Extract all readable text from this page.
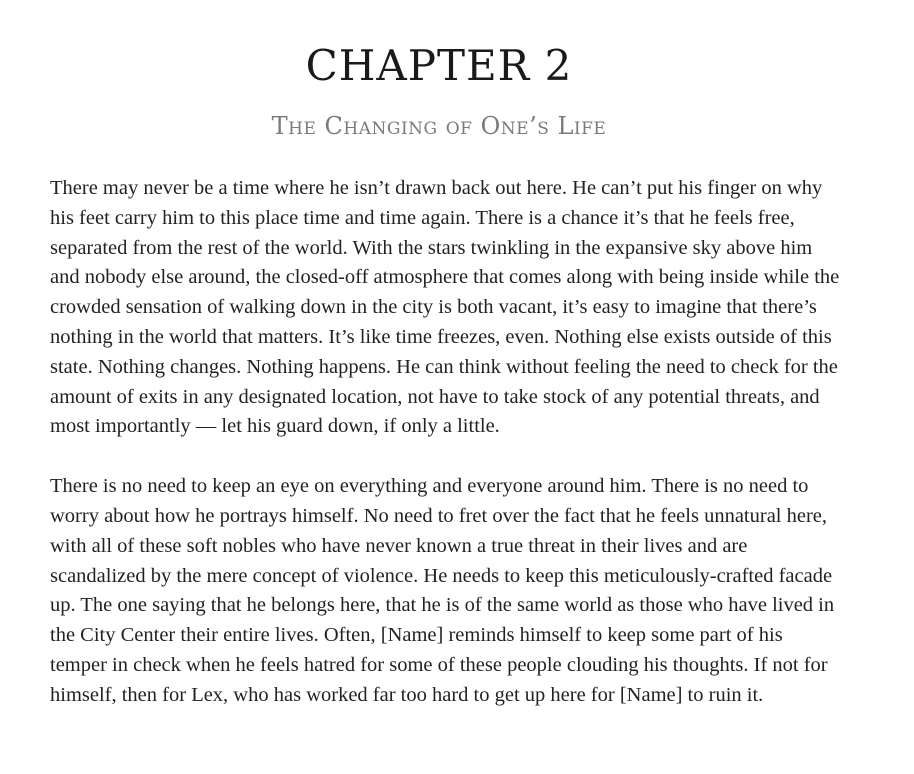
CHAPTER 2
The Changing of One’s Life

There may never be a time where he isn’t drawn back out here. He can’t put his finger on why his feet carry him to this place time and time again. There is a chance it’s that he feels free, separated from the rest of the world. With the stars twinkling in the expansive sky above him and nobody else around, the closed-off atmosphere that comes along with being inside while the crowded sensation of walking down in the city is both vacant, it’s easy to imagine that there’s nothing in the world that matters. It’s like time freezes, even. Nothing else exists outside of this state. Nothing changes. Nothing happens. He can think without feeling the need to check for the amount of exits in any designated location, not have to take stock of any potential threats, and most importantly — let his guard down, if only a little.

There is no need to keep an eye on everything and everyone around him. There is no need to worry about how he portrays himself. No need to fret over the fact that he feels unnatural here, with all of these soft nobles who have never known a true threat in their lives and are scandalized by the mere concept of violence. He needs to keep this meticulously-crafted facade up. The one saying that he belongs here, that he is of the same world as those who have lived in the City Center their entire lives. Often, [Name] reminds himself to keep some part of his temper in check when he feels hatred for some of these people clouding his thoughts. If not for himself, then for Lex, who has worked far too hard to get up here for [Name] to ruin it.
